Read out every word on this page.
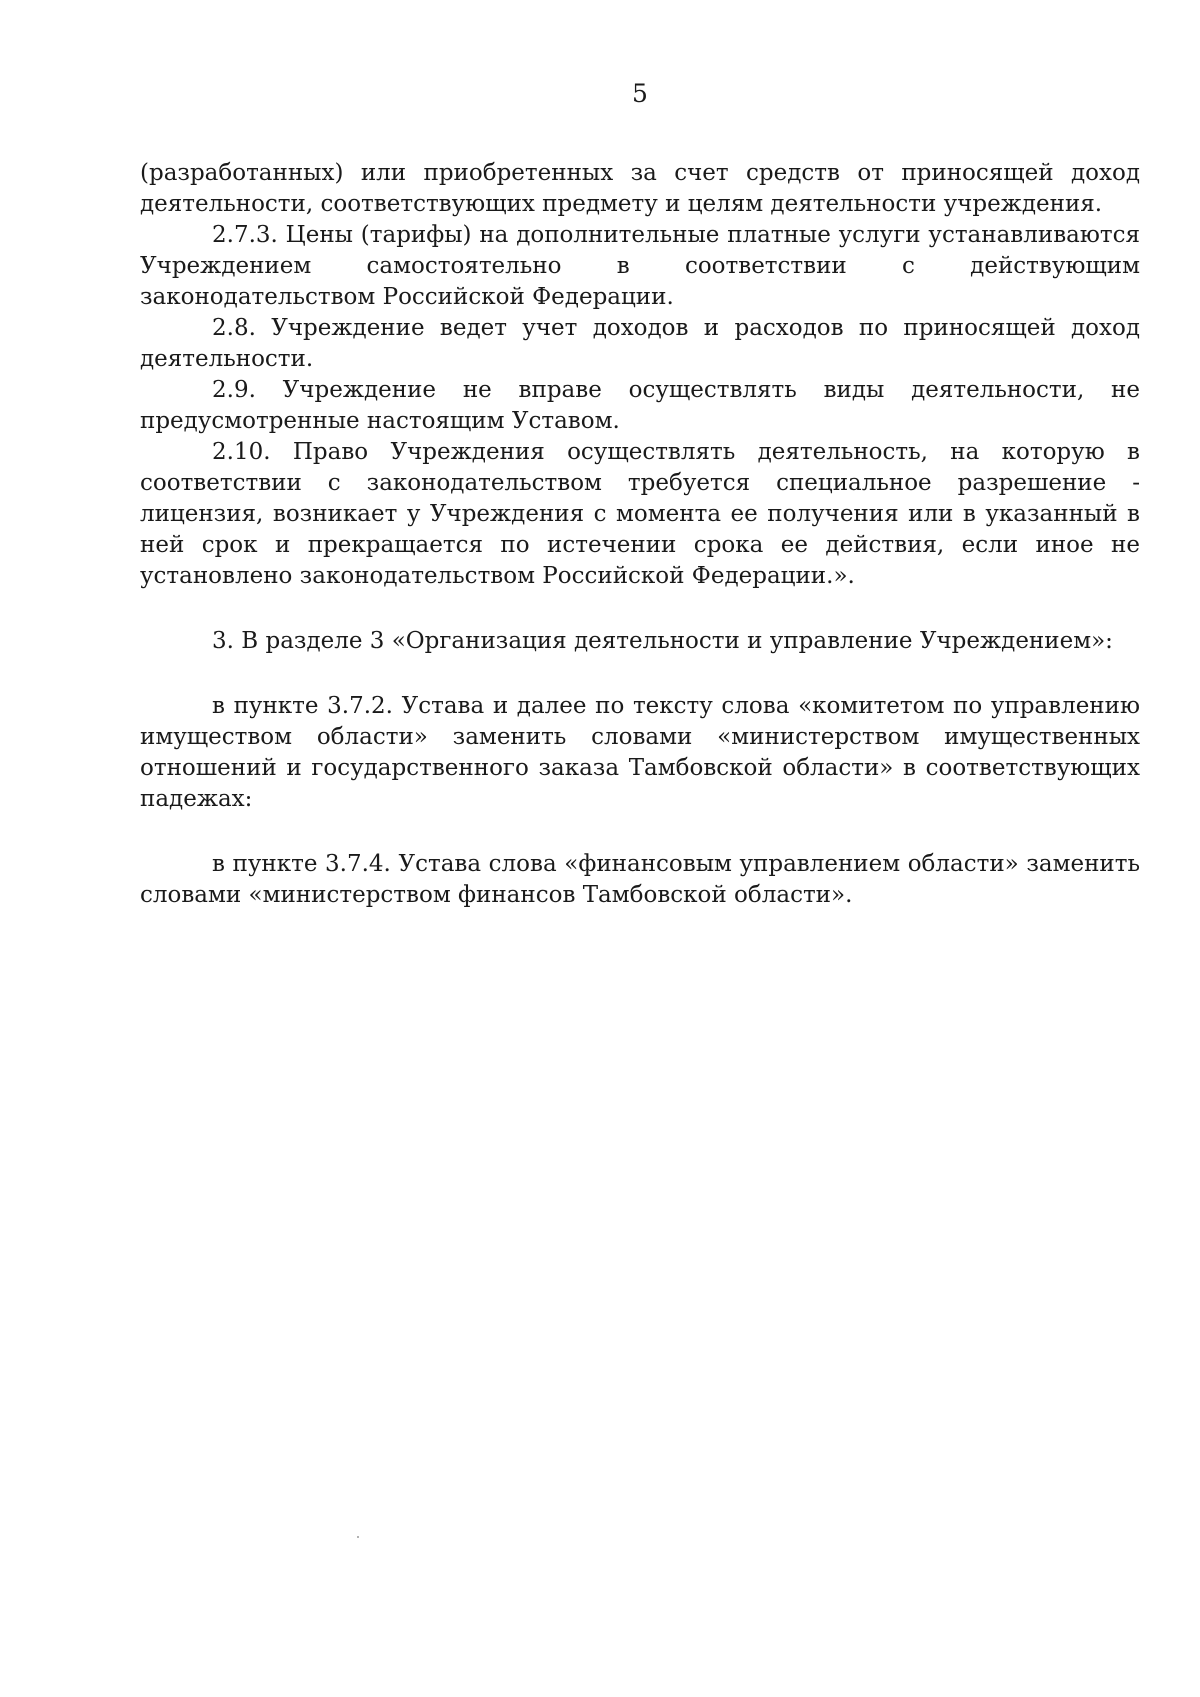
5

(разработанных) или приобретенных за счет средств от приносящей доход деятельности, соответствующих предмету и целям деятельности учреждения.

2.7.3. Цены (тарифы) на дополнительные платные услуги устанавливаются Учреждением самостоятельно в соответствии с действующим законодательством Российской Федерации.

2.8. Учреждение ведет учет доходов и расходов по приносящей доход деятельности.

2.9. Учреждение не вправе осуществлять виды деятельности, не предусмотренные настоящим Уставом.

2.10. Право Учреждения осуществлять деятельность, на которую в соответствии с законодательством требуется специальное разрешение - лицензия, возникает у Учреждения с момента ее получения или в указанный в ней срок и прекращается по истечении срока ее действия, если иное не установлено законодательством Российской Федерации.».

3. В разделе 3 «Организация деятельности и управление Учреждением»:

в пункте 3.7.2. Устава и далее по тексту слова «комитетом по управлению имуществом области» заменить словами «министерством имущественных отношений и государственного заказа Тамбовской области» в соответствующих падежах:

в пункте 3.7.4. Устава слова «финансовым управлением области» заменить словами «министерством финансов Тамбовской области».
